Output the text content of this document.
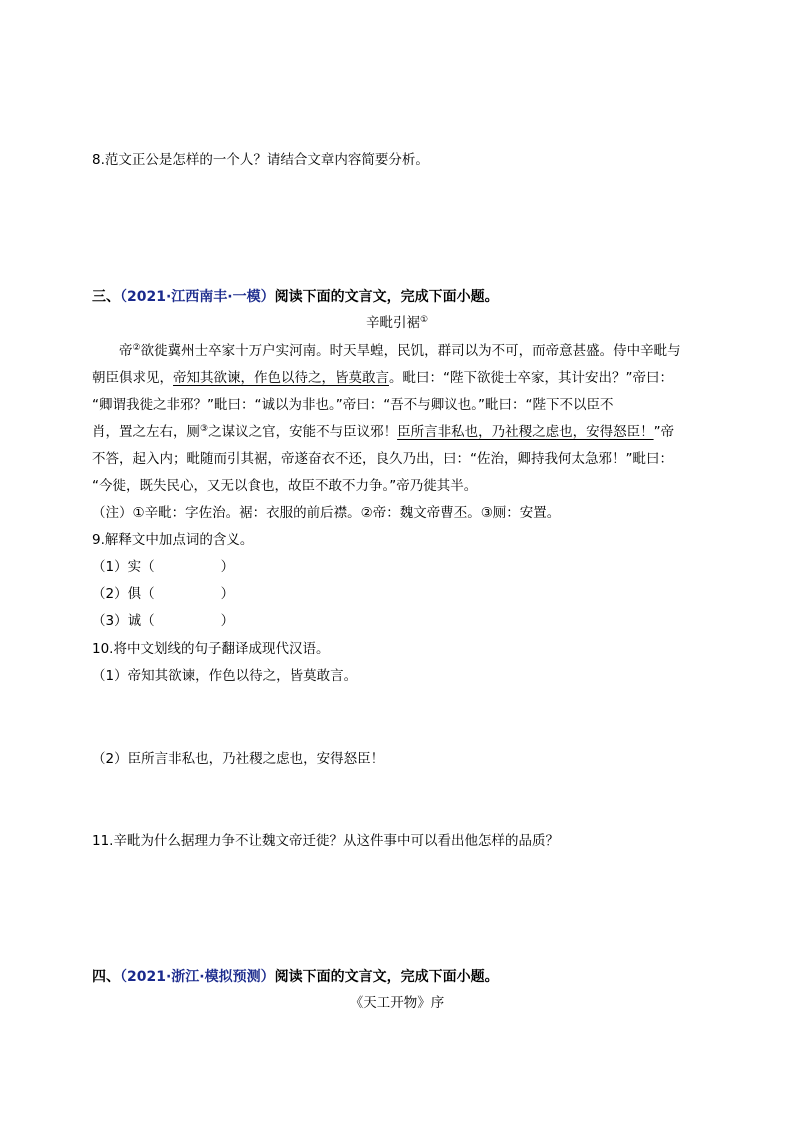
8.范文正公是怎样的一个人？请结合文章内容简要分析。
三、（2021·江西南丰·一模）阅读下面的文言文，完成下面小题。
辛毗引裾①
帝②欲徙冀州士卒家十万户实河南。时天旱蝗，民饥，群司以为不可，而帝意甚盛。侍中辛毗与
朝臣俱求见，帝知其欲谏，作色以待之，皆莫敢言。毗曰：“陛下欲徙士卒家，其计安出？”帝曰：
“卿谓我徙之非邪？”毗曰：“诚以为非也。”帝曰：“吾不与卿议也。”毗曰：“陛下不以臣不
肖，置之左右，厕③之谋议之官，安能不与臣议邪！臣所言非私也，乃社稷之虑也，安得怒臣！”帝
不答，起入内；毗随而引其裾，帝遂奋衣不还，良久乃出，曰：“佐治，卿持我何太急邪！”毗曰：
“今徙，既失民心，又无以食也，故臣不敢不力争。”帝乃徙其半。
（注）①辛毗：字佐治。裾：衣服的前后襟。②帝：魏文帝曹丕。③厕：安置。
9.解释文中加点词的含义。
（1）实（	）
（2）俱（	）
（3）诚（	）
10.将中文划线的句子翻译成现代汉语。
（1）帝知其欲谏，作色以待之，皆莫敢言。
（2）臣所言非私也，乃社稷之虑也，安得怒臣！
11.辛毗为什么据理力争不让魏文帝迁徙？从这件事中可以看出他怎样的品质？
四、（2021·浙江·模拟预测）阅读下面的文言文，完成下面小题。
《天工开物》序
